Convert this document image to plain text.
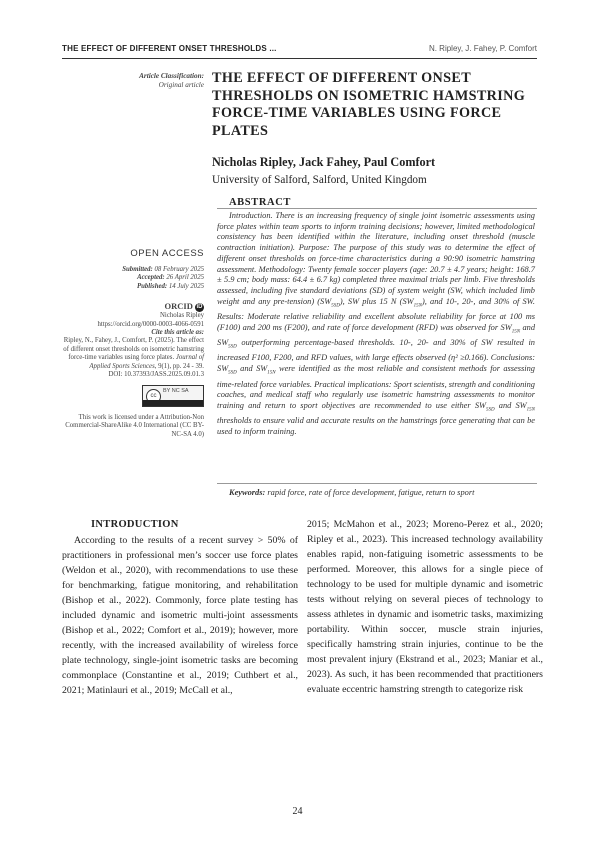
THE EFFECT OF DIFFERENT ONSET THRESHOLDS ...	N. Ripley, J. Fahey, P. Comfort
Article Classification:
Original article THE EFFECT OF DIFFERENT ONSET THRESHOLDS ON ISOMETRIC HAMSTRING FORCE-TIME VARIABLES USING FORCE PLATES
Nicholas Ripley, Jack Fahey, Paul Comfort
University of Salford, Salford, United Kingdom
OPEN ACCESS
Submitted: 08 February 2025
Accepted: 26 April 2025
Published: 14 July 2025
ORCID iD
Nicholas Ripley
https://orcid.org/0000-0003-4066-0591
Cite this article as:
Ripley, N., Fahey, J., Comfort, P. (2025). The effect of different onset thresholds on isometric hamstring force-time variables using force plates. Journal of Applied Sports Sciences, 9(1), pp. 24 - 39.
DOI: 10.37393/JASS.2025.09.01.3
cc
BY NC SA
This work is licensed under a Attribution-Non Commercial-ShareAlike 4.0 International (CC BY-NC-SA 4.0)
ABSTRACT

Introduction. There is an increasing frequency of single joint isometric assessments using force plates within team sports to inform training decisions; however, limited methodological consistency has been identified within the literature, including onset threshold (muscle contraction initiation). Purpose: The purpose of this study was to determine the effect of different onset thresholds on force-time characteristics during a 90:90 isometric hamstring assessment. Methodology: Twenty female soccer players (age: 20.7 ± 4.7 years; height: 168.7 ± 5.9 cm; body mass: 64.4 ± 6.7 kg) completed three maximal trials per limb. Five thresholds assessed, including five standard deviations (SD) of system weight (SW, which included limb weight and any pre-tension) $(SW_{5SD})$, SW plus 15 N $(SW_{15N})$, and 10-, 20-, and 30% of SW. Results: Moderate relative reliability and excellent absolute reliability for force at 100 ms (F100) and 200 ms (F200), and rate of force development (RFD) was observed for $SW_{15N}$ and $SW_{5SD}$ outperforming percentage-based thresholds. 10-, 20- and 30% of SW resulted in increased F100, F200, and RFD values, with large effects observed (η² ≥0.166). Conclusions: $SW_{5SD}$ and $SW_{15N}$ were identified as the most reliable and consistent methods for assessing time-related force variables. Practical implications: Sport scientists, strength and conditioning coaches, and medical staff who regularly use isometric hamstring assessments to monitor training and return to sport objectives are recommended to use either $SW_{5SD}$ and $SW_{15N}$ thresholds to ensure valid and accurate results on the hamstrings force generating that can be used to inform training.

Keywords: rapid force, rate of force development, fatigue, return to sport
INTRODUCTION

According to the results of a recent survey > 50% of practitioners in professional men’s soccer use force plates (Weldon et al., 2020), with recommendations to use these for benchmarking, fatigue monitoring, and rehabilitation (Bishop et al., 2022). Commonly, force plate testing has included dynamic and isometric multi-joint assessments (Bishop et al., 2022; Comfort et al., 2019); however, more recently, with the increased availability of wireless force plate technology, single-joint isometric tasks are becoming commonplace (Constantine et al., 2019; Cuthbert et al., 2021; Matinlauri et al., 2019; McCall et al.,

2015; McMahon et al., 2023; Moreno-Perez et al., 2020; Ripley et al., 2023). This increased technology availability enables rapid, non-fatiguing isometric assessments to be performed. Moreover, this allows for a single piece of technology to be used for multiple dynamic and isometric tests without relying on several pieces of technology to assess athletes in dynamic and isometric tasks, maximizing portability. Within soccer, muscle strain injuries, specifically hamstring strain injuries, continue to be the most prevalent injury (Ekstrand et al., 2023; Maniar et al., 2023). As such, it has been recommended that practitioners evaluate eccentric hamstring strength to categorize risk

24
